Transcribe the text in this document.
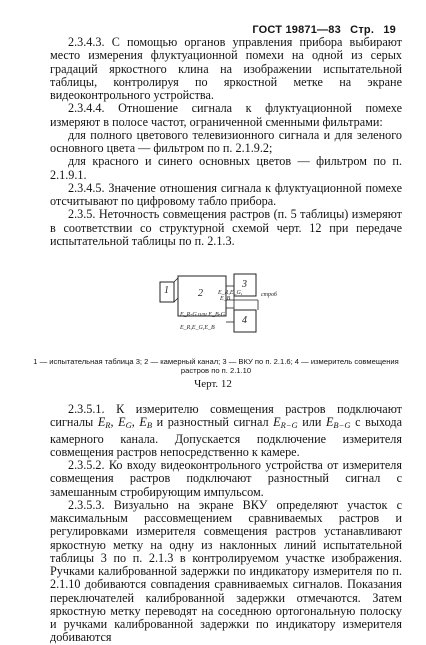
ГОСТ 19871—83 Стр. 19

2.3.4.3. С помощью органов управления прибора выбирают место измерения флуктуационной помехи на одной из серых градаций яркостного клина на изображении испытательной таблицы, контролируя по яркостной метке на экране видеоконтрольного устройства.

2.3.4.4. Отношение сигнала к флуктуационной помехе измеряют в полосе частот, ограниченной сменными фильтрами:

для полного цветового телевизионного сигнала и для зеленого основного цвета — фильтром по п. 2.1.9.2;

для красного и синего основных цветов — фильтром по п. 2.1.9.1.

2.3.4.5. Значение отношения сигнала к флуктуационной помехе отсчитывают по цифровому табло прибора.

2.3.5. Неточность совмещения растров (п. 5 таблицы) измеряют в соответствии со структурной схемой черт. 12 при передаче испытательной таблицы по п. 2.1.3.

1	2
3
4
E_R,E_G,
E_B
строб
E_R-G или E_B-G
E_R,E_G,E_B
1 — испытательная таблица 3; 2 — камерный канал; 3 — ВКУ по п. 2.1.6; 4 — измеритель совмещения растров по п. 2.1.10
Черт. 12

2.3.5.1. К измерителю совмещения растров подключают сигналы $E_R$, $E_G$, $E_B$ и разностный сигнал $E_{R-G}$ или $E_{B-G}$ с выхода камерного канала. Допускается подключение измерителя совмещения растров непосредственно к камере.

2.3.5.2. Ко входу видеоконтрольного устройства от измерителя совмещения растров подключают разностный сигнал с замешанным стробирующим импульсом.

2.3.5.3. Визуально на экране ВКУ определяют участок с максимальным рассовмещением сравниваемых растров и регулировками измерителя совмещения растров устанавливают яркостную метку на одну из наклонных линий испытательной таблицы 3 по п. 2.1.3 в контролируемом участке изображения. Ручками калиброванной задержки по индикатору измерителя по п. 2.1.10 добиваются совпадения сравниваемых сигналов. Показания переключателей калиброванной задержки отмечаются. Затем яркостную метку переводят на соседнюю ортогональную полоску и ручками калиброванной задержки по индикатору измерителя добиваются
